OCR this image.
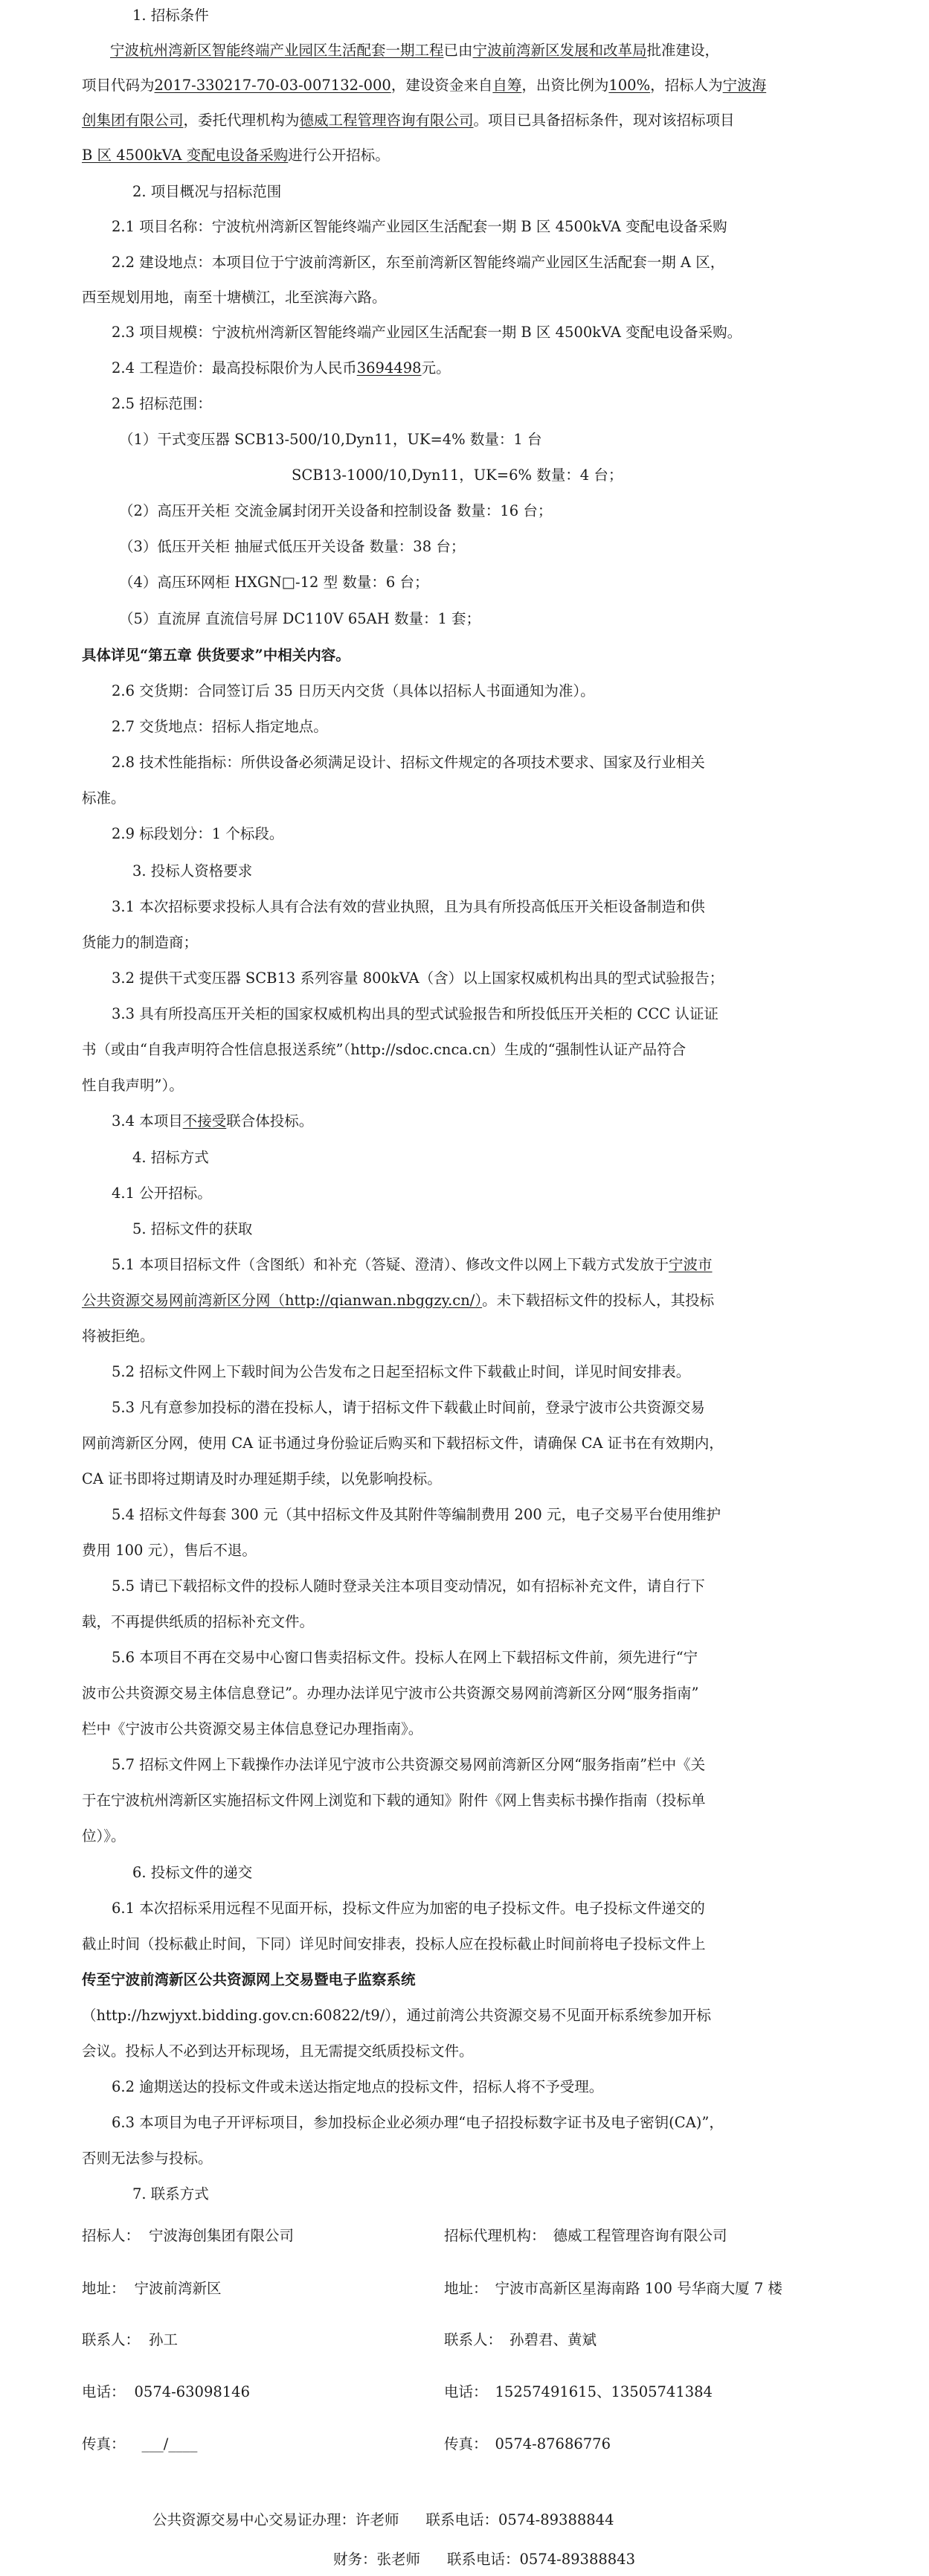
1. 招标条件
宁波杭州湾新区智能终端产业园区生活配套一期工程已由宁波前湾新区发展和改革局批准建设，
项目代码为2017-330217-70-03-007132-000，建设资金来自自筹，出资比例为100%，招标人为宁波海
创集团有限公司，委托代理机构为德威工程管理咨询有限公司。项目已具备招标条件，现对该招标项目
B 区 4500kVA 变配电设备采购进行公开招标。
2. 项目概况与招标范围
2.1 项目名称：宁波杭州湾新区智能终端产业园区生活配套一期 B 区 4500kVA 变配电设备采购
2.2 建设地点：本项目位于宁波前湾新区，东至前湾新区智能终端产业园区生活配套一期 A 区，
西至规划用地，南至十塘横江，北至滨海六路。
2.3 项目规模：宁波杭州湾新区智能终端产业园区生活配套一期 B 区 4500kVA 变配电设备采购。
2.4 工程造价：最高投标限价为人民币3694498元。
2.5 招标范围：
（1）干式变压器 SCB13-500/10,Dyn11，UK=4% 数量：1 台
SCB13-1000/10,Dyn11，UK=6% 数量：4 台；
（2）高压开关柜 交流金属封闭开关设备和控制设备 数量：16 台；
（3）低压开关柜 抽屉式低压开关设备 数量：38 台；
（4）高压环网柜 HXGN□-12 型 数量：6 台；
（5）直流屏 直流信号屏 DC110V 65AH 数量：1 套；
具体详见“第五章 供货要求”中相关内容。
2.6 交货期：合同签订后 35 日历天内交货（具体以招标人书面通知为准）。
2.7 交货地点：招标人指定地点。
2.8 技术性能指标：所供设备必须满足设计、招标文件规定的各项技术要求、国家及行业相关
标准。
2.9 标段划分：1 个标段。
3. 投标人资格要求
3.1 本次招标要求投标人具有合法有效的营业执照，且为具有所投高低压开关柜设备制造和供
货能力的制造商；
3.2 提供干式变压器 SCB13 系列容量 800kVA（含）以上国家权威机构出具的型式试验报告；
3.3 具有所投高压开关柜的国家权威机构出具的型式试验报告和所投低压开关柜的 CCC 认证证
书（或由“自我声明符合性信息报送系统”（http://sdoc.cnca.cn）生成的“强制性认证产品符合
性自我声明”）。
3.4 本项目不接受联合体投标。
4. 招标方式
4.1 公开招标。
5. 招标文件的获取
5.1 本项目招标文件（含图纸）和补充（答疑、澄清）、修改文件以网上下载方式发放于宁波市
公共资源交易网前湾新区分网（http://qianwan.nbggzy.cn/）。未下载招标文件的投标人，其投标
将被拒绝。
5.2 招标文件网上下载时间为公告发布之日起至招标文件下载截止时间，详见时间安排表。
5.3 凡有意参加投标的潜在投标人，请于招标文件下载截止时间前，登录宁波市公共资源交易
网前湾新区分网，使用 CA 证书通过身份验证后购买和下载招标文件，请确保 CA 证书在有效期内，
CA 证书即将过期请及时办理延期手续，以免影响投标。
5.4 招标文件每套 300 元（其中招标文件及其附件等编制费用 200 元，电子交易平台使用维护
费用 100 元），售后不退。
5.5 请已下载招标文件的投标人随时登录关注本项目变动情况，如有招标补充文件，请自行下
载，不再提供纸质的招标补充文件。
5.6 本项目不再在交易中心窗口售卖招标文件。投标人在网上下载招标文件前，须先进行“宁
波市公共资源交易主体信息登记”。办理办法详见宁波市公共资源交易网前湾新区分网“服务指南”
栏中《宁波市公共资源交易主体信息登记办理指南》。
5.7 招标文件网上下载操作办法详见宁波市公共资源交易网前湾新区分网“服务指南”栏中《关
于在宁波杭州湾新区实施招标文件网上浏览和下载的通知》附件《网上售卖标书操作指南（投标单
位）》。
6. 投标文件的递交
6.1 本次招标采用远程不见面开标，投标文件应为加密的电子投标文件。电子投标文件递交的
截止时间（投标截止时间，下同）详见时间安排表，投标人应在投标截止时间前将电子投标文件上
传至宁波前湾新区公共资源网上交易暨电子监察系统
（http://hzwjyxt.bidding.gov.cn:60822/t9/），通过前湾公共资源交易不见面开标系统参加开标
会议。投标人不必到达开标现场，且无需提交纸质投标文件。
6.2 逾期送达的投标文件或未送达指定地点的投标文件，招标人将不予受理。
6.3 本项目为电子开评标项目，参加投标企业必须办理“电子招投标数字证书及电子密钥(CA)”，
否则无法参与投标。
7. 联系方式
招标人： 宁波海创集团有限公司	招标代理机构： 德威工程管理咨询有限公司
地址： 宁波前湾新区	地址： 宁波市高新区星海南路 100 号华商大厦 7 楼
联系人： 孙工	联系人： 孙碧君、黄斌
电话： 0574-63098146	电话： 15257491615、13505741384
传真： ___/____	传真： 0574-87686776
公共资源交易中心交易证办理：许老师 联系电话：0574-89388844
财务：张老师 联系电话：0574-89388843
